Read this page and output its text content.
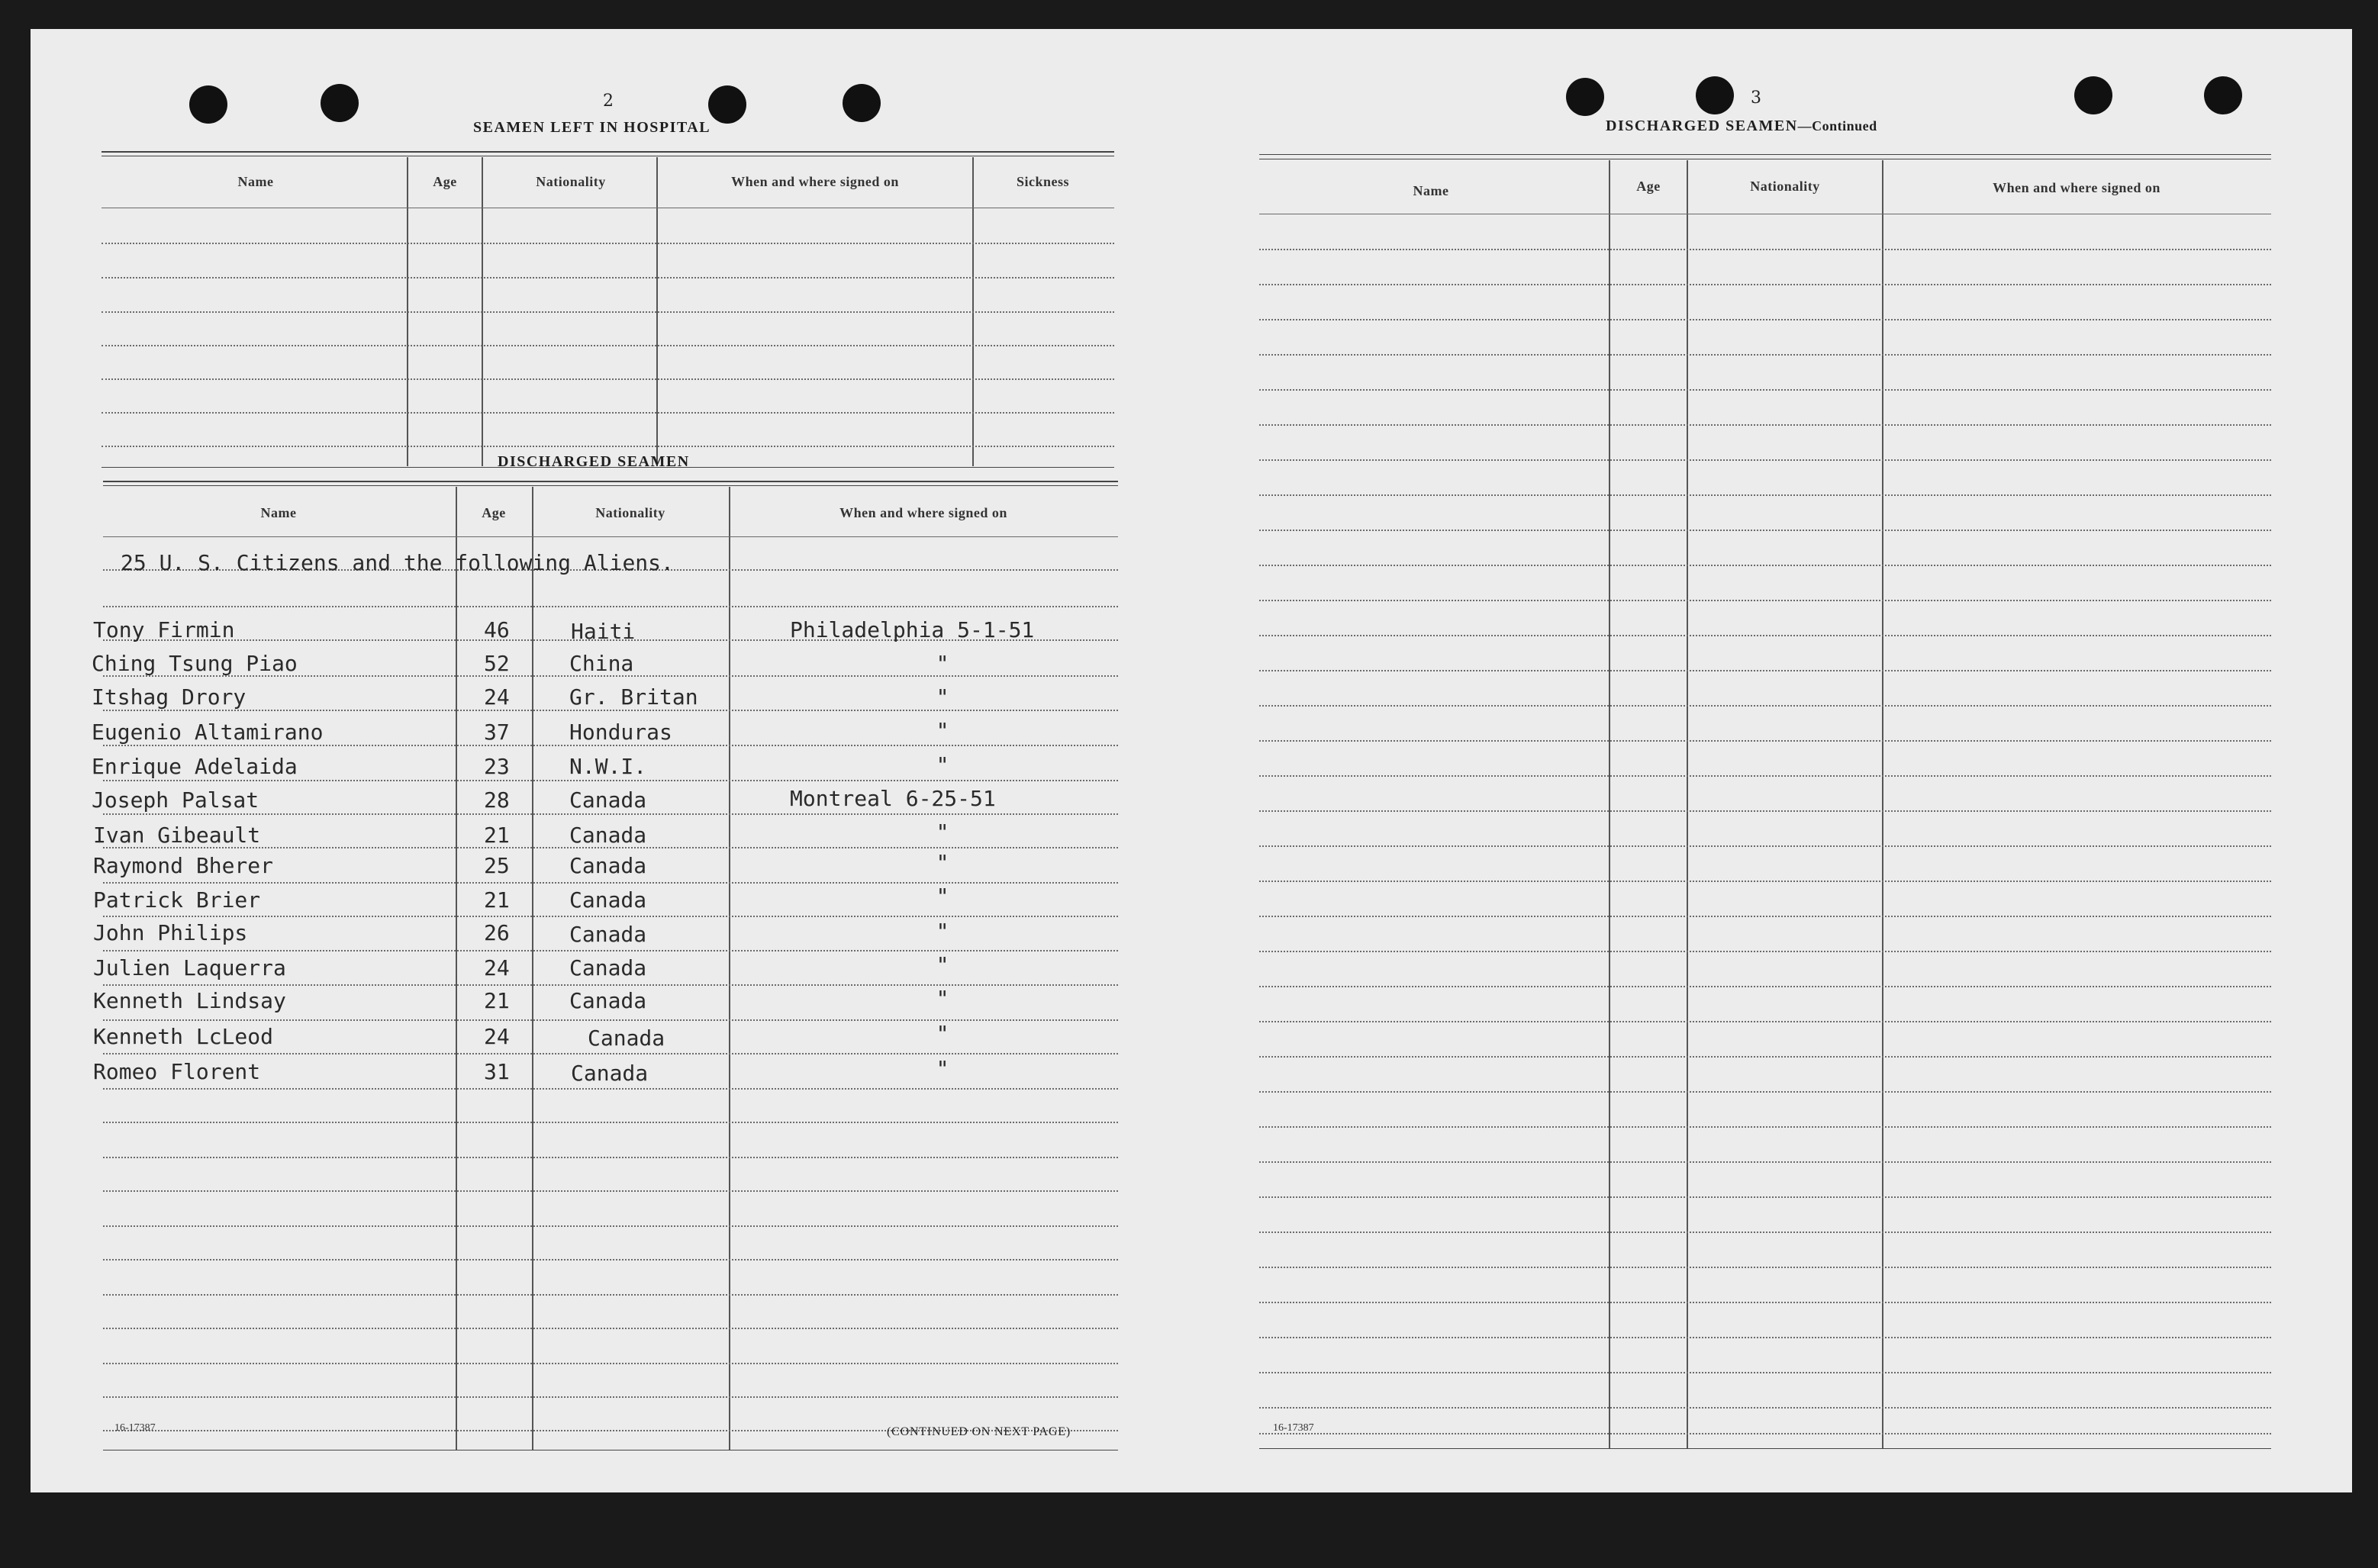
2
SEAMEN LEFT IN HOSPITAL
Name	Age	Nationality	When and where signed on	Sickness
DISCHARGED SEAMEN
Name	Age	Nationality	When and where signed on
25 U. S. Citizens and the following Aliens.
Tony Firmin	46	Haiti	Philadelphia 5-1-51
Ching Tsung Piao	52	China	"
Itshag Drory	24	Gr. Britan	"
Eugenio Altamirano	37	Honduras	"
Enrique Adelaida	23	N.W.I.	"
Joseph Palsat	28	Canada	Montreal 6-25-51
Ivan Gibeault	21	Canada	"
Raymond Bherer	25	Canada	"
Patrick Brier	21	Canada	"
John Philips	26	Canada	"
Julien Laquerra	24	Canada	"
Kenneth Lindsay	21	Canada	"
Kenneth LcLeod	24	Canada	"
Romeo Florent	31	Canada	"
16-17387	(CONTINUED ON NEXT PAGE)
3
DISCHARGED SEAMEN—Continued
Name	Age	Nationality	When and where signed on
16-17387
